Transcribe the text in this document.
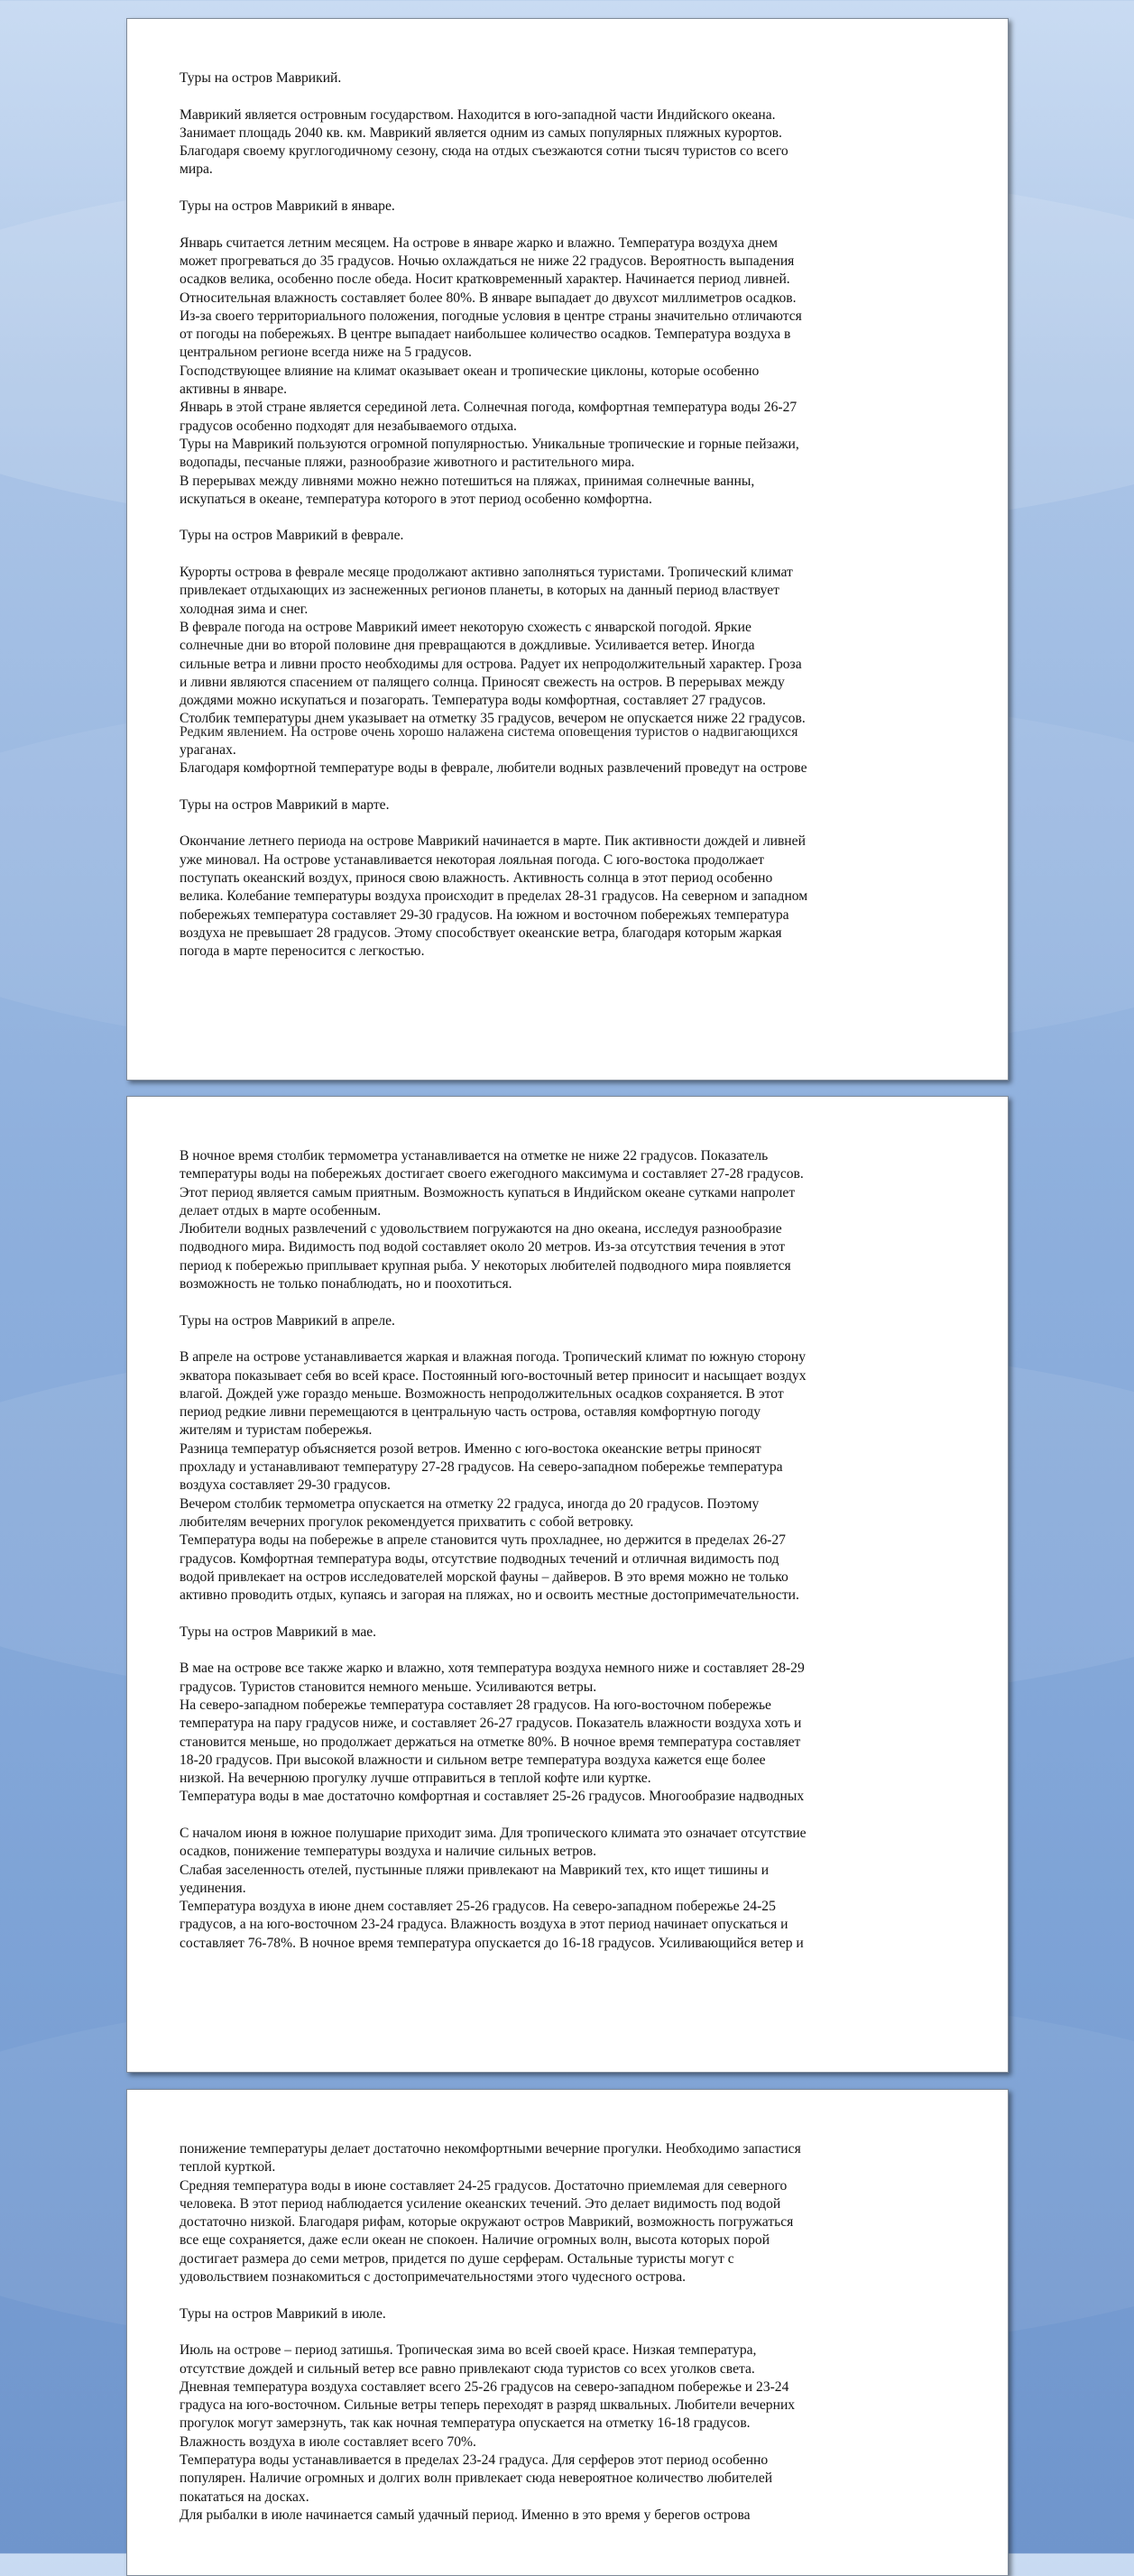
Туры на остров Маврикий.
Маврикий является островным государством. Находится в юго-западной части Индийского океана.
Занимает площадь 2040 кв. км. Маврикий является одним из самых популярных пляжных курортов.
Благодаря своему круглогодичному сезону, сюда на отдых съезжаются сотни тысяч туристов со всего
мира.
Туры на остров Маврикий в январе.
Январь считается летним месяцем. На острове в январе жарко и влажно. Температура воздуха днем
может прогреваться до 35 градусов. Ночью охлаждаться не ниже 22 градусов. Вероятность выпадения
осадков велика, особенно после обеда. Носит кратковременный характер. Начинается период ливней.
Относительная влажность составляет более 80%. В январе выпадает до двухсот миллиметров осадков.
Из-за своего территориального положения, погодные условия в центре страны значительно отличаются
от погоды на побережьях. В центре выпадает наибольшее количество осадков. Температура воздуха в
центральном регионе всегда ниже на 5 градусов.
Господствующее влияние на климат оказывает океан и тропические циклоны, которые особенно
активны в январе.
Январь в этой стране является серединой лета. Солнечная погода, комфортная температура воды 26-27
градусов особенно подходят для незабываемого отдыха.
Туры на Маврикий пользуются огромной популярностью. Уникальные тропические и горные пейзажи,
водопады, песчаные пляжи, разнообразие животного и растительного мира.
В перерывах между ливнями можно нежно потешиться на пляжах, принимая солнечные ванны,
искупаться в океане, температура которого в этот период особенно комфортна.
Туры на остров Маврикий в феврале.
Курорты острова в феврале месяце продолжают активно заполняться туристами. Тропический климат
привлекает отдыхающих из заснеженных регионов планеты, в которых на данный период властвует
холодная зима и снег.
В феврале погода на острове Маврикий имеет некоторую схожесть с январской погодой. Яркие
солнечные дни во второй половине дня превращаются в дождливые. Усиливается ветер. Иногда
сильные ветра и ливни просто необходимы для острова. Радует их непродолжительный характер. Гроза
и ливни являются спасением от палящего солнца. Приносят свежесть на остров. В перерывах между
дождями можно искупаться и позагорать. Температура воды комфортная, составляет 27 градусов.
Столбик температуры днем указывает на отметку 35 градусов, вечером не опускается ниже 22 градусов.
Редким явлением. На острове очень хорошо налажена система оповещения туристов о надвигающихся
ураганах.
Благодаря комфортной температуре воды в феврале, любители водных развлечений проведут на острове
Туры на остров Маврикий в марте.
Окончание летнего периода на острове Маврикий начинается в марте. Пик активности дождей и ливней
уже миновал. На острове устанавливается некоторая лояльная погода. С юго-востока продолжает
поступать океанский воздух, принося свою влажность. Активность солнца в этот период особенно
велика. Колебание температуры воздуха происходит в пределах 28-31 градусов. На северном и западном
побережьях температура составляет 29-30 градусов. На южном и восточном побережьях температура
воздуха не превышает 28 градусов. Этому способствует океанские ветра, благодаря которым жаркая
погода в марте переносится с легкостью.
В ночное время столбик термометра устанавливается на отметке не ниже 22 градусов. Показатель
температуры воды на побережьях достигает своего ежегодного максимума и составляет 27-28 градусов.
Этот период является самым приятным. Возможность купаться в Индийском океане сутками напролет
делает отдых в марте особенным.
Любители водных развлечений с удовольствием погружаются на дно океана, исследуя разнообразие
подводного мира. Видимость под водой составляет около 20 метров. Из-за отсутствия течения в этот
период к побережью приплывает крупная рыба. У некоторых любителей подводного мира появляется
возможность не только понаблюдать, но и поохотиться.
Туры на остров Маврикий в апреле.
В апреле на острове устанавливается жаркая и влажная погода. Тропический климат по южную сторону
экватора показывает себя во всей красе. Постоянный юго-восточный ветер приносит и насыщает воздух
влагой. Дождей уже гораздо меньше. Возможность непродолжительных осадков сохраняется. В этот
период редкие ливни перемещаются в центральную часть острова, оставляя комфортную погоду
жителям и туристам побережья.
Разница температур объясняется розой ветров. Именно с юго-востока океанские ветры приносят
прохладу и устанавливают температуру 27-28 градусов. На северо-западном побережье температура
воздуха составляет 29-30 градусов.
Вечером столбик термометра опускается на отметку 22 градуса, иногда до 20 градусов. Поэтому
любителям вечерних прогулок рекомендуется прихватить с собой ветровку.
Температура воды на побережье в апреле становится чуть прохладнее, но держится в пределах 26-27
градусов. Комфортная температура воды, отсутствие подводных течений и отличная видимость под
водой привлекает на остров исследователей морской фауны – дайверов. В это время можно не только
активно проводить отдых, купаясь и загорая на пляжах, но и освоить местные достопримечательности.
Туры на остров Маврикий в мае.
В мае на острове все также жарко и влажно, хотя температура воздуха немного ниже и составляет 28-29
градусов. Туристов становится немного меньше. Усиливаются ветры.
На северо-западном побережье температура составляет 28 градусов. На юго-восточном побережье
температура на пару градусов ниже, и составляет 26-27 градусов. Показатель влажности воздуха хоть и
становится меньше, но продолжает держаться на отметке 80%. В ночное время температура составляет
18-20 градусов. При высокой влажности и сильном ветре температура воздуха кажется еще более
низкой. На вечернюю прогулку лучше отправиться в теплой кофте или куртке.
Температура воды в мае достаточно комфортная и составляет 25-26 градусов. Многообразие надводных
С началом июня в южное полушарие приходит зима. Для тропического климата это означает отсутствие
осадков, понижение температуры воздуха и наличие сильных ветров.
Слабая заселенность отелей, пустынные пляжи привлекают на Маврикий тех, кто ищет тишины и
уединения.
Температура воздуха в июне днем составляет 25-26 градусов. На северо-западном побережье 24-25
градусов, а на юго-восточном 23-24 градуса. Влажность воздуха в этот период начинает опускаться и
составляет 76-78%. В ночное время температура опускается до 16-18 градусов. Усиливающийся ветер и
понижение температуры делает достаточно некомфортными вечерние прогулки. Необходимо запастися
теплой курткой.
Средняя температура воды в июне составляет 24-25 градусов. Достаточно приемлемая для северного
человека. В этот период наблюдается усиление океанских течений. Это делает видимость под водой
достаточно низкой. Благодаря рифам, которые окружают остров Маврикий, возможность погружаться
все еще сохраняется, даже если океан не спокоен. Наличие огромных волн, высота которых порой
достигает размера до семи метров, придется по душе серферам. Остальные туристы могут с
удовольствием познакомиться с достопримечательностями этого чудесного острова.
Туры на остров Маврикий в июле.
Июль на острове – период затишья. Тропическая зима во всей своей красе. Низкая температура,
отсутствие дождей и сильный ветер все равно привлекают сюда туристов со всех уголков света.
Дневная температура воздуха составляет всего 25-26 градусов на северо-западном побережье и 23-24
градуса на юго-восточном. Сильные ветры теперь переходят в разряд шквальных. Любители вечерних
прогулок могут замерзнуть, так как ночная температура опускается на отметку 16-18 градусов.
Влажность воздуха в июле составляет всего 70%.
Температура воды устанавливается в пределах 23-24 градуса. Для серферов этот период особенно
популярен. Наличие огромных и долгих волн привлекает сюда невероятное количество любителей
покататься на досках.
Для рыбалки в июле начинается самый удачный период. Именно в это время у берегов острова
